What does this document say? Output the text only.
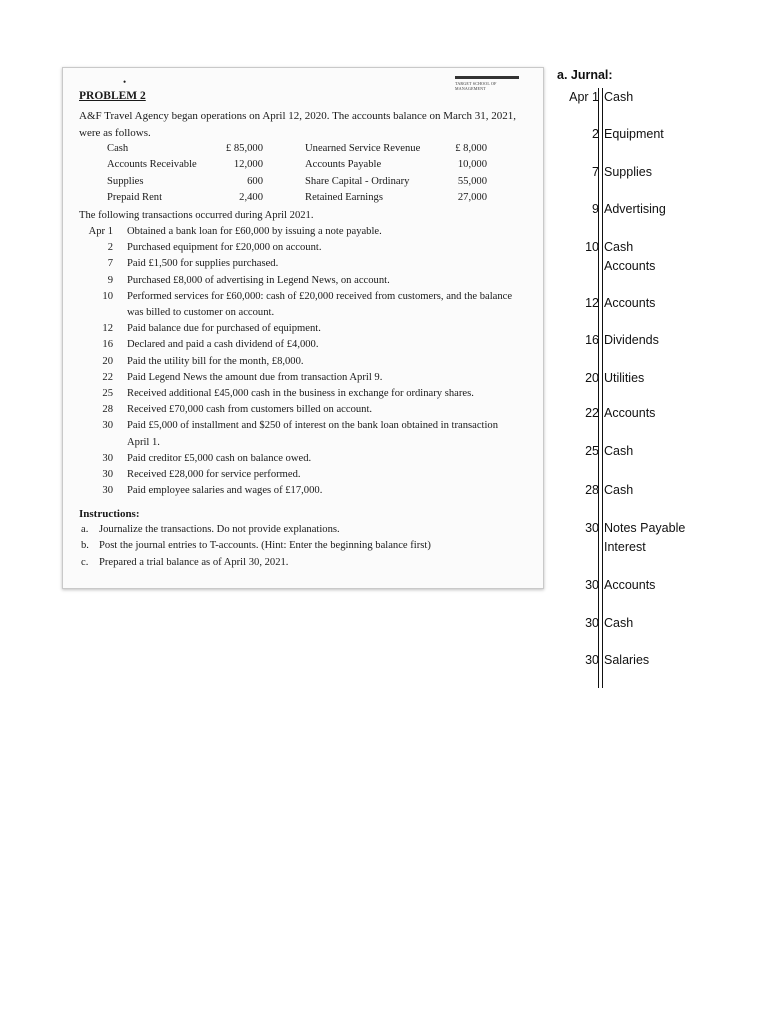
•	TARGET SCHOOL OF MANAGEMENT
PROBLEM 2
A&F Travel Agency began operations on April 12, 2020. The accounts balance on March 31, 2021, were as follows.
Cash	£ 85,000	Unearned Service Revenue	£ 8,000
Accounts Receivable	12,000	Accounts Payable	10,000
Supplies	600	Share Capital - Ordinary	55,000
Prepaid Rent	2,400	Retained Earnings	27,000
The following transactions occurred during April 2021.
Apr 1 Obtained a bank loan for £60,000 by issuing a note payable.
2 Purchased equipment for £20,000 on account.
7 Paid £1,500 for supplies purchased.
9 Purchased £8,000 of advertising in Legend News, on account.
10 Performed services for £60,000: cash of £20,000 received from customers, and the balance was billed to customer on account.
12 Paid balance due for purchased of equipment.
16 Declared and paid a cash dividend of £4,000.
20 Paid the utility bill for the month, £8,000.
22 Paid Legend News the amount due from transaction April 9.
25 Received additional £45,000 cash in the business in exchange for ordinary shares.
28 Received £70,000 cash from customers billed on account.
30 Paid £5,000 of installment and $250 of interest on the bank loan obtained in transaction April 1.
30 Paid creditor £5,000 cash on balance owed.
30 Received £28,000 for service performed.
30 Paid employee salaries and wages of £17,000.
Instructions:
a. Journalize the transactions. Do not provide explanations.
b. Post the journal entries to T-accounts. (Hint: Enter the beginning balance first)
c. Prepared a trial balance as of April 30, 2021.
a. Jurnal:
Apr 1 Cash
2 Equipment
7 Supplies
9 Advertising
10 Cash
Accounts
12 Accounts
16 Dividends
20 Utilities
22 Accounts
25 Cash
28 Cash
30 Notes Payable
Interest
30 Accounts
30 Cash
30 Salaries
